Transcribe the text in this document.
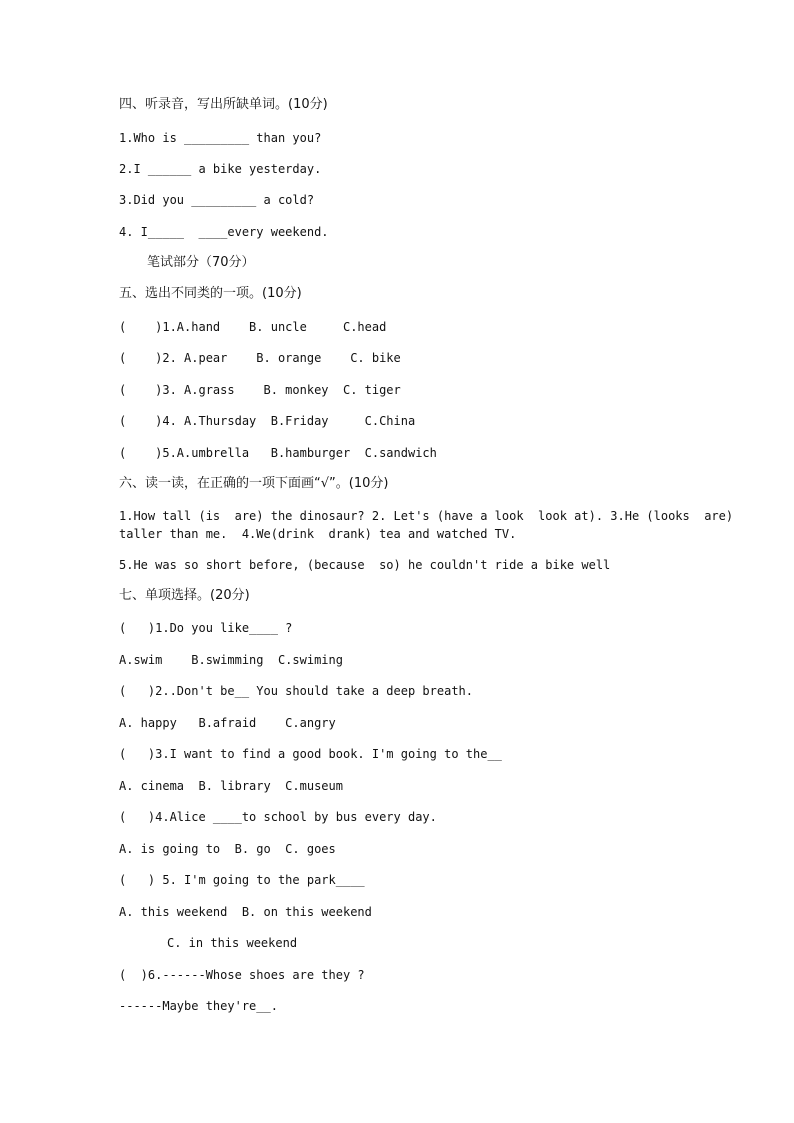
四、听录音，写出所缺单词。(10分)
1.Who is _________ than you?
2.I ______ a bike yesterday.
3.Did you _________ a cold?
4. I_____  ____every weekend.
笔试部分（70分）
五、选出不同类的一项。(10分)
(    )1.A.hand    B. uncle     C.head
(    )2. A.pear    B. orange    C. bike
(    )3. A.grass    B. monkey  C. tiger
(    )4. A.Thursday  B.Friday     C.China
(    )5.A.umbrella   B.hamburger  C.sandwich
六、读一读，在正确的一项下面画“√”。(10分)
1.How tall (is  are) the dinosaur? 2. Let's (have a look  look at). 3.He (looks  are)
taller than me.  4.We(drink  drank) tea and watched TV.
5.He was so short before, (because  so) he couldn't ride a bike well
七、单项选择。(20分)
(   )1.Do you like____ ?
A.swim    B.swimming  C.swiming
(   )2..Don't be__ You should take a deep breath.
A. happy   B.afraid    C.angry
(   )3.I want to find a good book. I'm going to the__
A. cinema  B. library  C.museum
(   )4.Alice ____to school by bus every day.
A. is going to  B. go  C. goes
(   ) 5. I'm going to the park____
A. this weekend  B. on this weekend
C. in this weekend
(  )6.------Whose shoes are they ?
------Maybe they're__.
